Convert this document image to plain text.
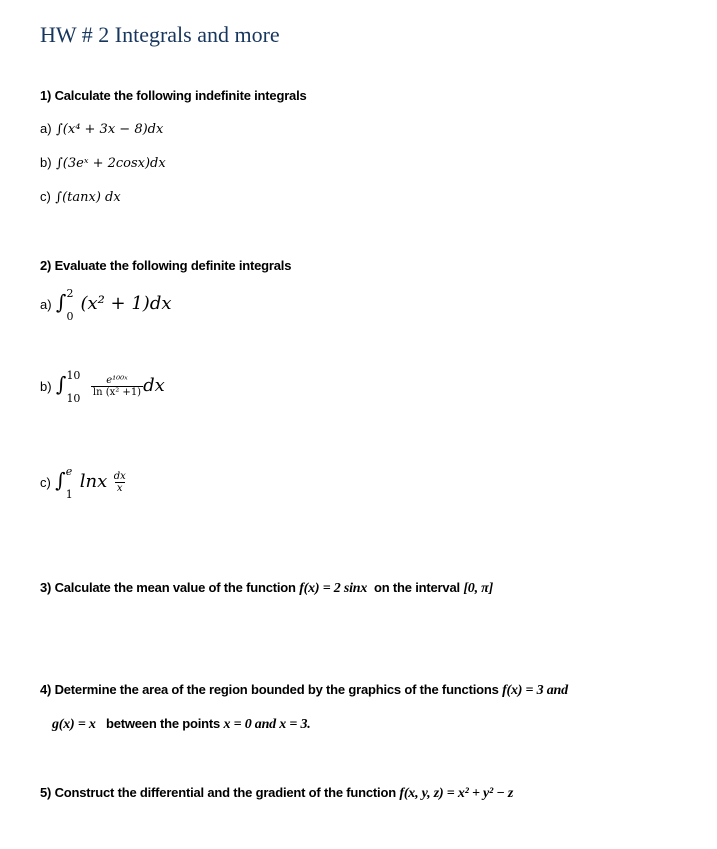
HW # 2 Integrals and more
1) Calculate the following indefinite integrals
a) ∫(x⁴ + 3x − 8)dx
b) ∫(3eˣ + 2cosx)dx
c) ∫(tanx) dx
2) Evaluate the following definite integrals
a) ∫ 2
0
(x² + 1)dx
b) ∫ 10
10
$\frac{\text{e¹⁰⁰ˣ}}{\text{ln (x² +1)}}$ dx
c) ∫ e
1
lnx $\frac{dx}{x}$
3) Calculate the mean value of the function f(x) = 2 sinx on the interval [0, π]
4) Determine the area of the region bounded by the graphics of the functions f(x) = 3 and
g(x) = x between the points x = 0 and x = 3.
5) Construct the differential and the gradient of the function f(x, y, z) = x² + y² − z
